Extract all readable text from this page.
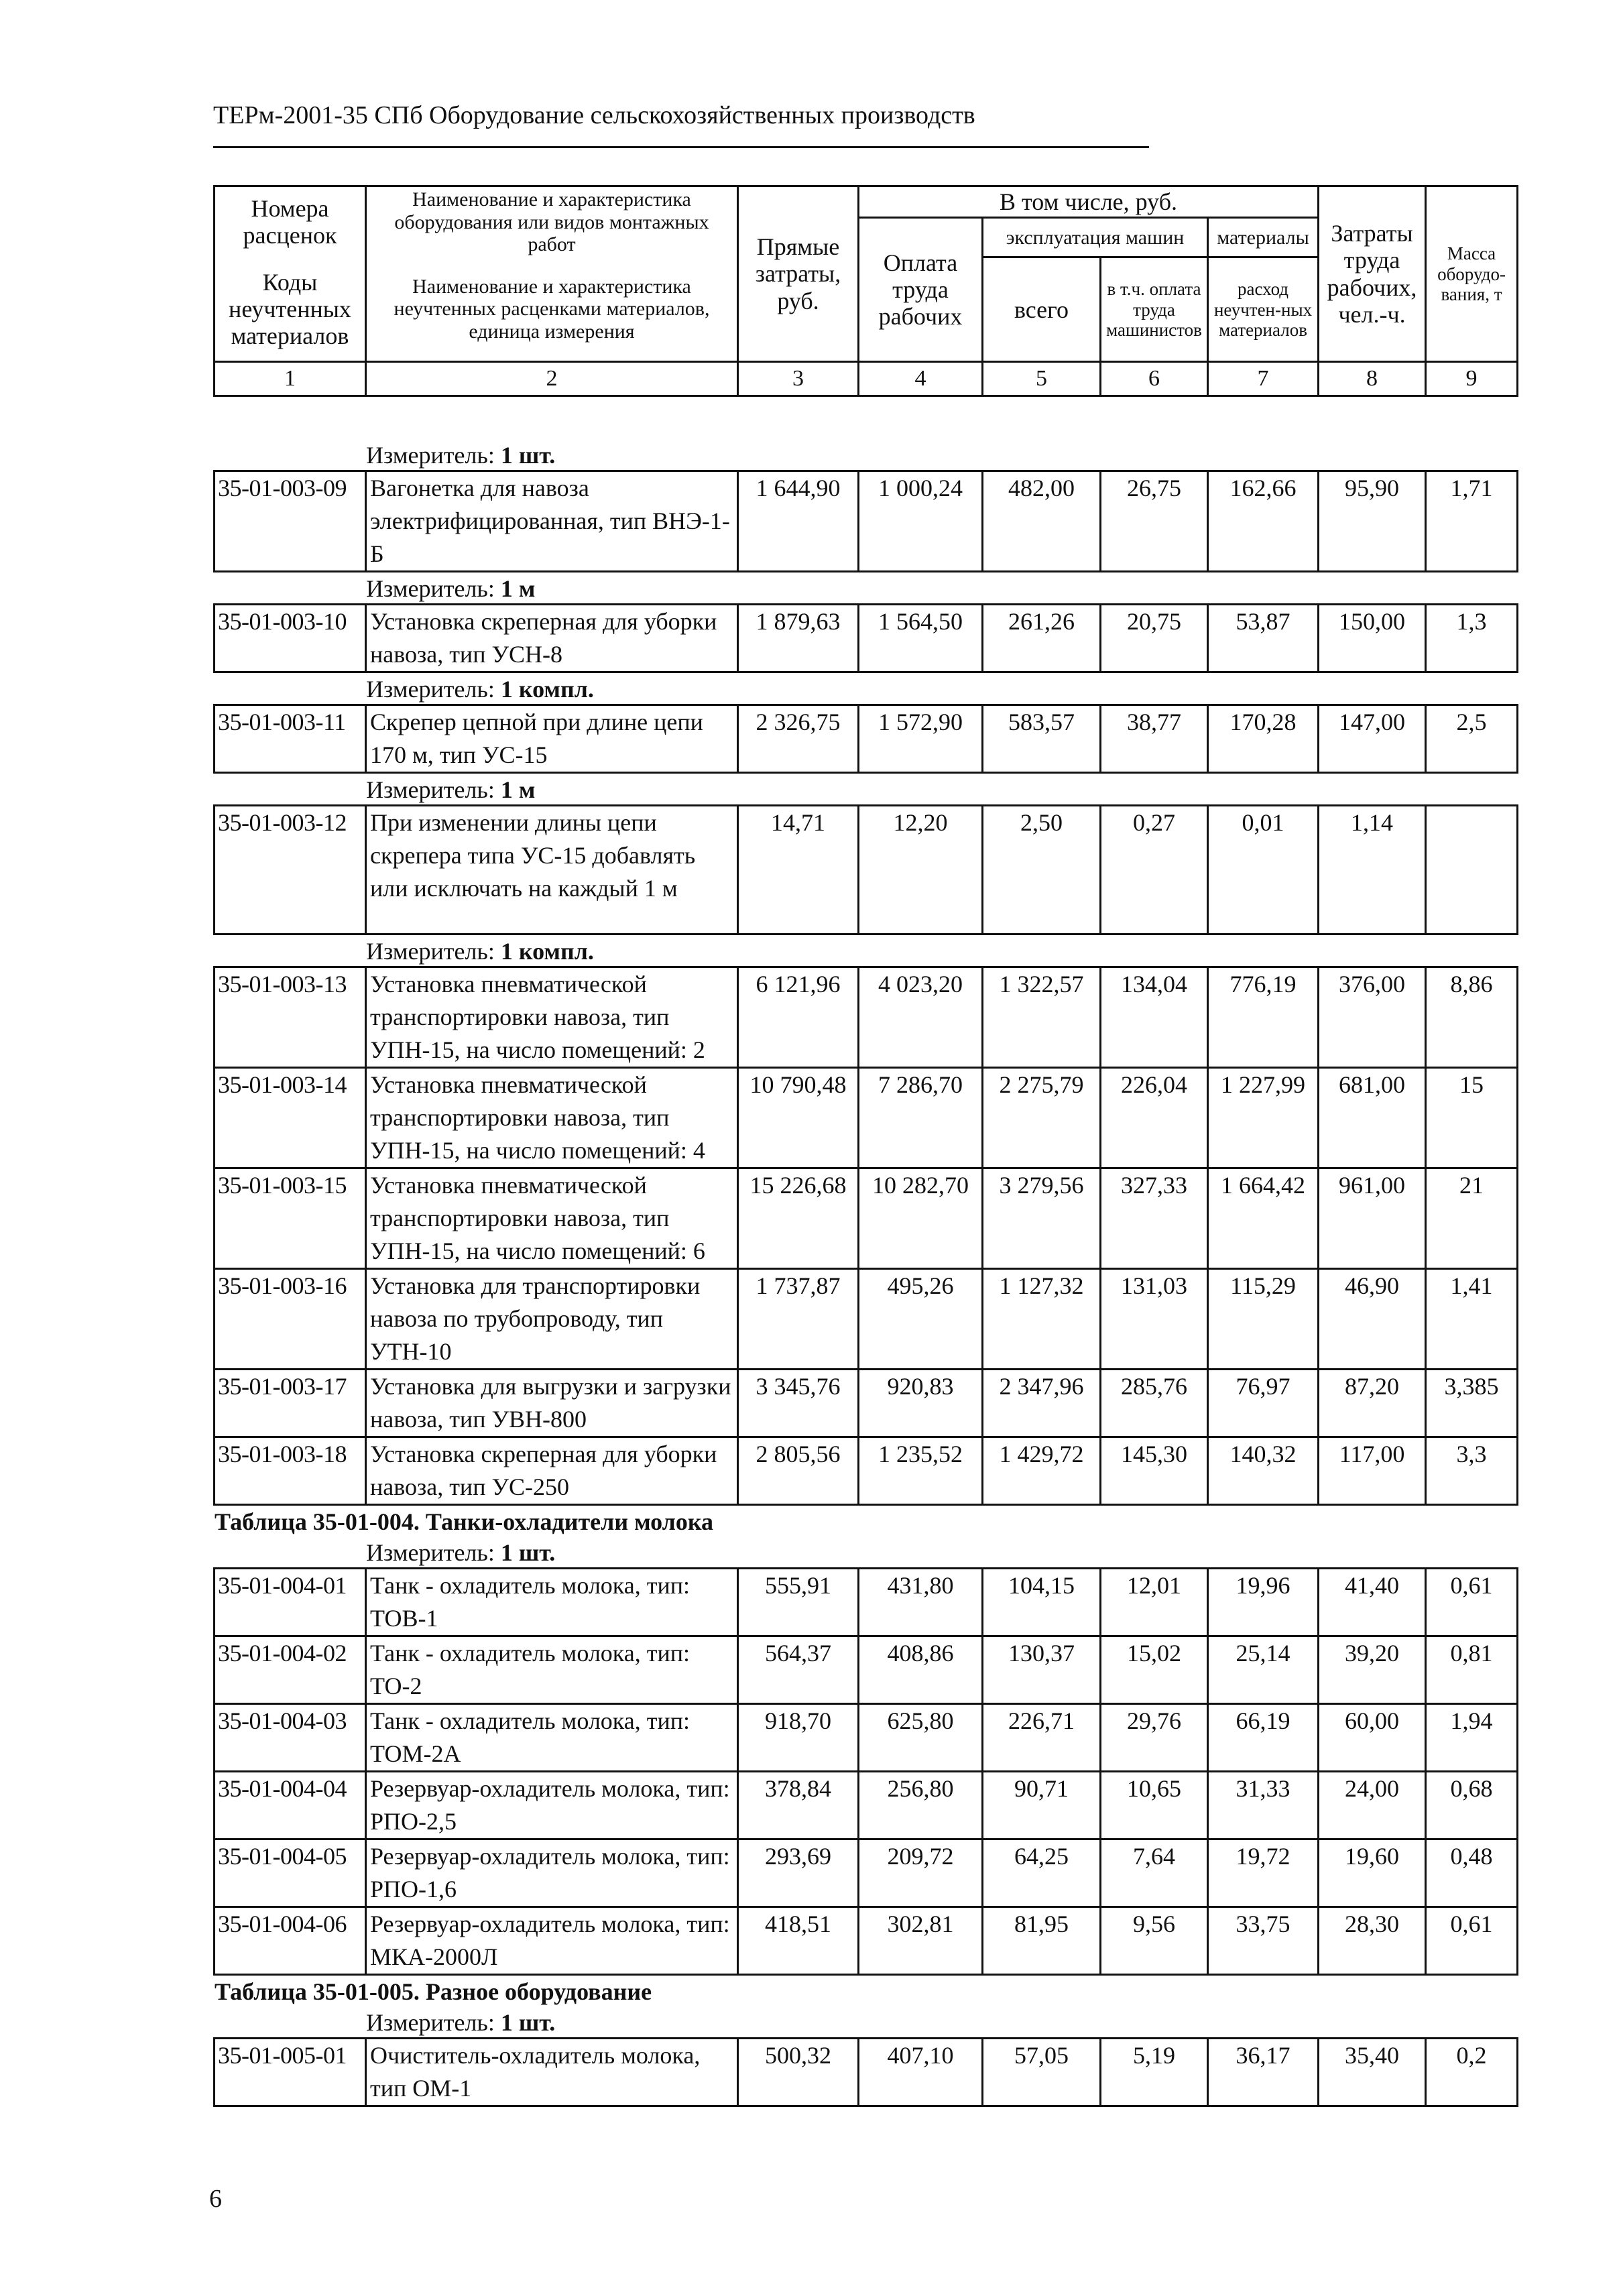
ТЕРм-2001-35 СПб Оборудование сельскохозяйственных производств
Номера расценок	Наименование и характеристика оборудования или видов монтажных работ	Прямые затраты, руб.	В том числе, руб.				Затраты труда рабочих, чел.-ч.	Масса оборудо-вания, т
			Оплата труда рабочих	эксплуатация машин		материалы		
Коды неучтенных материалов	Наименование и характеристика неучтенных расценками материалов, единица измерения			всего	в т.ч. оплата труда машинистов	расход неучтен-ных материалов		

1	2	3	4	5	6	7	8	9
Измеритель: 1 шт.
35-01-003-09	Вагонетка для навоза электрифицированная, тип ВНЭ-1-Б	1 644,90	1 000,24	482,00	26,75	162,66	95,90	1,71
Измеритель: 1 м
35-01-003-10	Установка скреперная для уборки навоза, тип УСН-8	1 879,63	1 564,50	261,26	20,75	53,87	150,00	1,3
Измеритель: 1 компл.
35-01-003-11	Скрепер цепной при длине цепи 170 м, тип УС-15	2 326,75	1 572,90	583,57	38,77	170,28	147,00	2,5
Измеритель: 1 м
35-01-003-12	При изменении длины цепи скрепера типа УС-15 добавлять или исключать на каждый 1 м	14,71	12,20	2,50	0,27	0,01	1,14	
Измеритель: 1 компл.
35-01-003-13	Установка пневматической транспортировки навоза, тип УПН-15, на число помещений: 2	6 121,96	4 023,20	1 322,57	134,04	776,19	376,00	8,86
35-01-003-14	Установка пневматической транспортировки навоза, тип УПН-15, на число помещений: 4	10 790,48	7 286,70	2 275,79	226,04	1 227,99	681,00	15
35-01-003-15	Установка пневматической транспортировки навоза, тип УПН-15, на число помещений: 6	15 226,68	10 282,70	3 279,56	327,33	1 664,42	961,00	21
35-01-003-16	Установка для транспортировки навоза по трубопроводу, тип УТН-10	1 737,87	495,26	1 127,32	131,03	115,29	46,90	1,41
35-01-003-17	Установка для выгрузки и загрузки навоза, тип УВН-800	3 345,76	920,83	2 347,96	285,76	76,97	87,20	3,385
35-01-003-18	Установка скреперная для уборки навоза, тип УС-250	2 805,56	1 235,52	1 429,72	145,30	140,32	117,00	3,3
Таблица 35-01-004. Танки-охладители молока
Измеритель: 1 шт.
35-01-004-01	Танк - охладитель молока, тип: ТОВ-1	555,91	431,80	104,15	12,01	19,96	41,40	0,61
35-01-004-02	Танк - охладитель молока, тип: ТО-2	564,37	408,86	130,37	15,02	25,14	39,20	0,81
35-01-004-03	Танк - охладитель молока, тип: ТОМ-2А	918,70	625,80	226,71	29,76	66,19	60,00	1,94
35-01-004-04	Резервуар-охладитель молока, тип: РПО-2,5	378,84	256,80	90,71	10,65	31,33	24,00	0,68
35-01-004-05	Резервуар-охладитель молока, тип: РПО-1,6	293,69	209,72	64,25	7,64	19,72	19,60	0,48
35-01-004-06	Резервуар-охладитель молока, тип: МКА-2000Л	418,51	302,81	81,95	9,56	33,75	28,30	0,61
Таблица 35-01-005. Разное оборудование
Измеритель: 1 шт.
35-01-005-01	Очиститель-охладитель молока, тип ОМ-1	500,32	407,10	57,05	5,19	36,17	35,40	0,2
6
